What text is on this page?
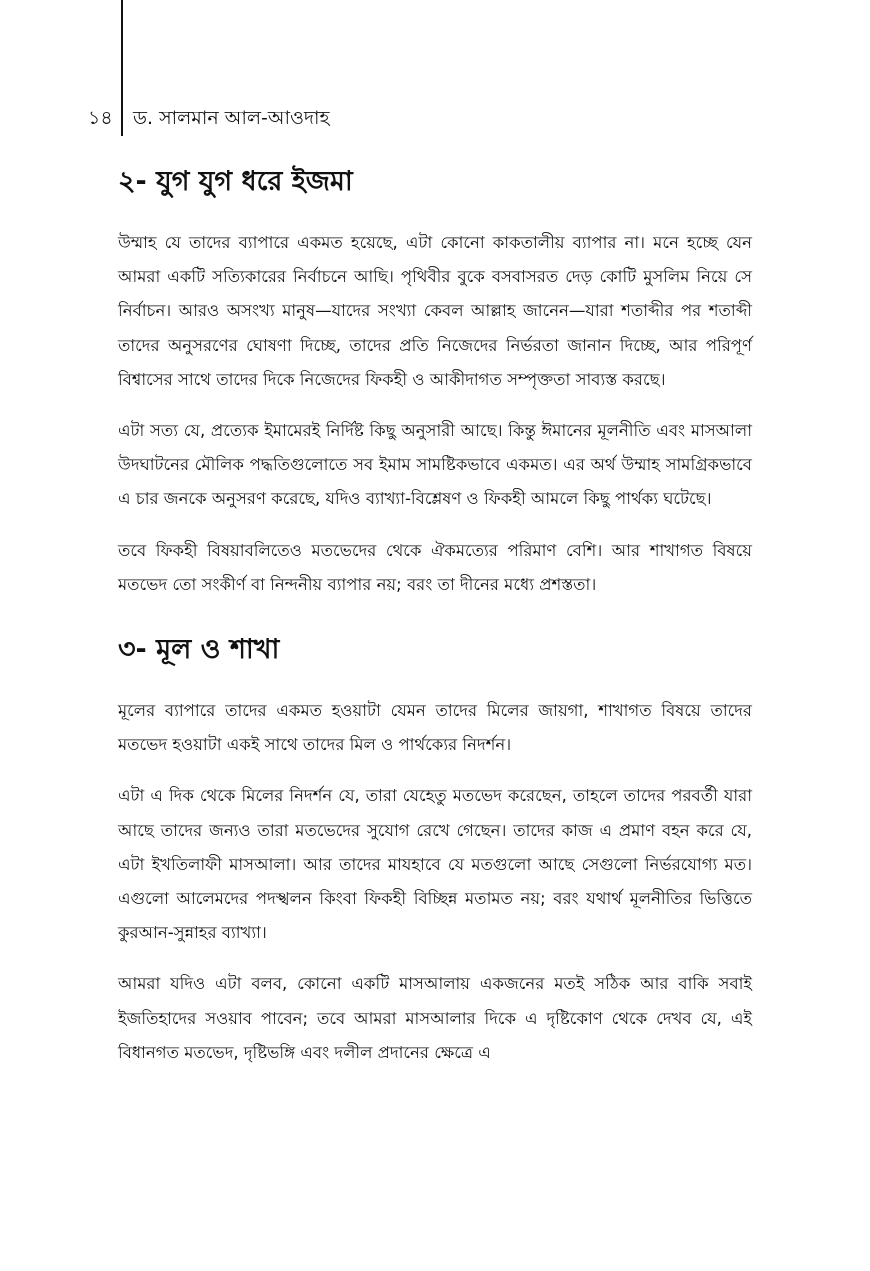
১৪ ড. সালমান আল-আওদাহ
২- যুগ যুগ ধরে ইজমা

উম্মাহ যে তাদের ব্যাপারে একমত হয়েছে, এটা কোনো কাকতালীয় ব্যাপার না। মনে হচ্ছে যেন আমরা একটি সত্যিকারের নির্বাচনে আছি। পৃথিবীর বুকে বসবাসরত দেড় কোটি মুসলিম নিয়ে সে নির্বাচন। আরও অসংখ্য মানুষ—যাদের সংখ্যা কেবল আল্লাহ জানেন—যারা শতাব্দীর পর শতাব্দী তাদের অনুসরণের ঘোষণা দিচ্ছে, তাদের প্রতি নিজেদের নির্ভরতা জানান দিচ্ছে, আর পরিপূর্ণ বিশ্বাসের সাথে তাদের দিকে নিজেদের ফিকহী ও আকীদাগত সম্পৃক্ততা সাব্যস্ত করছে।

এটা সত্য যে, প্রত্যেক ইমামেরই নির্দিষ্ট কিছু অনুসারী আছে। কিন্তু ঈমানের মূলনীতি এবং মাসআলা উদঘাটনের মৌলিক পদ্ধতিগুলোতে সব ইমাম সামষ্টিকভাবে একমত। এর অর্থ উম্মাহ সামগ্রিকভাবে এ চার জনকে অনুসরণ করেছে, যদিও ব্যাখ্যা-বিশ্লেষণ ও ফিকহী আমলে কিছু পার্থক্য ঘটেছে।

তবে ফিকহী বিষয়াবলিতেও মতভেদের থেকে ঐকমত্যের পরিমাণ বেশি। আর শাখাগত বিষয়ে মতভেদ তো সংকীর্ণ বা নিন্দনীয় ব্যাপার নয়; বরং তা দীনের মধ্যে প্রশস্ততা।

৩- মূল ও শাখা

মূলের ব্যাপারে তাদের একমত হওয়াটা যেমন তাদের মিলের জায়গা, শাখাগত বিষয়ে তাদের মতভেদ হওয়াটা একই সাথে তাদের মিল ও পার্থক্যের নিদর্শন।

এটা এ দিক থেকে মিলের নিদর্শন যে, তারা যেহেতু মতভেদ করেছেন, তাহলে তাদের পরবর্তী যারা আছে তাদের জন্যও তারা মতভেদের সুযোগ রেখে গেছেন। তাদের কাজ এ প্রমাণ বহন করে যে, এটা ইখতিলাফী মাসআলা। আর তাদের মাযহাবে যে মতগুলো আছে সেগুলো নির্ভরযোগ্য মত। এগুলো আলেমদের পদস্খলন কিংবা ফিকহী বিচ্ছিন্ন মতামত নয়; বরং যথার্থ মূলনীতির ভিত্তিতে কুরআন-সুন্নাহর ব্যাখ্যা।

আমরা যদিও এটা বলব, কোনো একটি মাসআলায় একজনের মতই সঠিক আর বাকি সবাই ইজতিহাদের সওয়াব পাবেন; তবে আমরা মাসআলার দিকে এ দৃষ্টিকোণ থেকে দেখব যে, এই বিধানগত মতভেদ, দৃষ্টিভঙ্গি এবং দলীল প্রদানের ক্ষেত্রে এ
